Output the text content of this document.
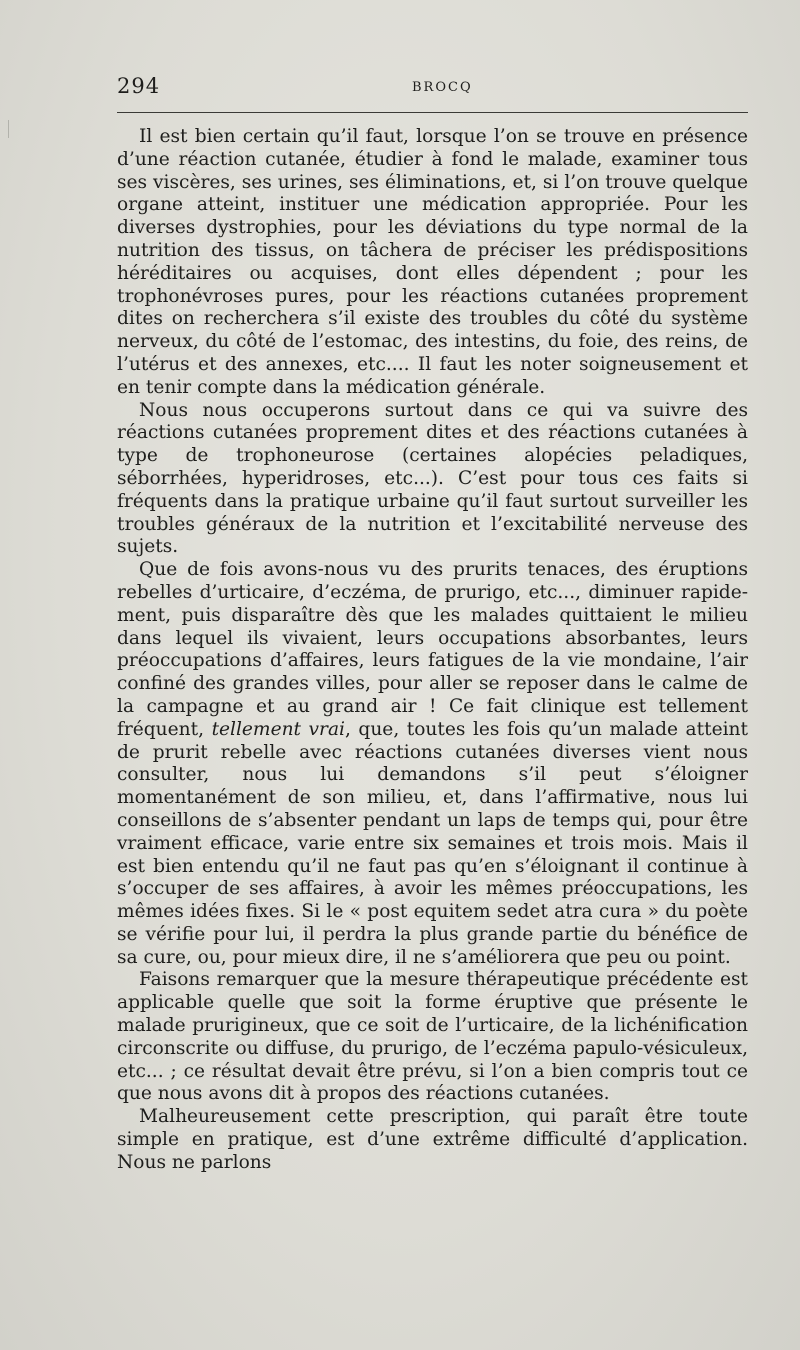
294	BROCQ

Il est bien certain qu’il faut, lorsque l’on se trouve en présence d’une réaction cutanée, étudier à fond le malade, examiner tous ses viscères, ses urines, ses éliminations, et, si l’on trouve quelque organe atteint, instituer une médication appropriée. Pour les diverses dystrophies, pour les déviations du type normal de la nutrition des tissus, on tâchera de préciser les prédispositions héréditaires ou acquises, dont elles dépendent ; pour les trophonévroses pures, pour les réactions cutanées proprement dites on recherchera s’il existe des troubles du côté du système nerveux, du côté de l’estomac, des intestins, du foie, des reins, de l’utérus et des annexes, etc.... Il faut les noter soigneusement et en tenir compte dans la médication générale.

Nous nous occuperons surtout dans ce qui va suivre des réactions cutanées proprement dites et des réactions cutanées à type de trophoneurose (certaines alopécies peladiques, séborrhées, hyperidroses, etc...). C’est pour tous ces faits si fréquents dans la pratique urbaine qu’il faut surtout surveiller les troubles généraux de la nutrition et l’excitabilité nerveuse des sujets.

Que de fois avons-nous vu des prurits tenaces, des éruptions rebelles d’urticaire, d’eczéma, de prurigo, etc..., diminuer rapidement, puis disparaître dès que les malades quittaient le milieu dans lequel ils vivaient, leurs occupations absorbantes, leurs préoccupations d’affaires, leurs fatigues de la vie mondaine, l’air confiné des grandes villes, pour aller se reposer dans le calme de la campagne et au grand air ! Ce fait clinique est tellement fréquent, tellement vrai, que, toutes les fois qu’un malade atteint de prurit rebelle avec réactions cutanées diverses vient nous consulter, nous lui demandons s’il peut s’éloigner momentanément de son milieu, et, dans l’affirmative, nous lui conseillons de s’absenter pendant un laps de temps qui, pour être vraiment efficace, varie entre six semaines et trois mois. Mais il est bien entendu qu’il ne faut pas qu’en s’éloignant il continue à s’occuper de ses affaires, à avoir les mêmes préoccupations, les mêmes idées fixes. Si le « post equitem sedet atra cura » du poète se vérifie pour lui, il perdra la plus grande partie du bénéfice de sa cure, ou, pour mieux dire, il ne s’améliorera que peu ou point.

Faisons remarquer que la mesure thérapeutique précédente est applicable quelle que soit la forme éruptive que présente le malade prurigineux, que ce soit de l’urticaire, de la lichénification circonscrite ou diffuse, du prurigo, de l’eczéma papulo-vésiculeux, etc... ; ce résultat devait être prévu, si l’on a bien compris tout ce que nous avons dit à propos des réactions cutanées.

Malheureusement cette prescription, qui paraît être toute simple en pratique, est d’une extrême difficulté d’application. Nous ne parlons
